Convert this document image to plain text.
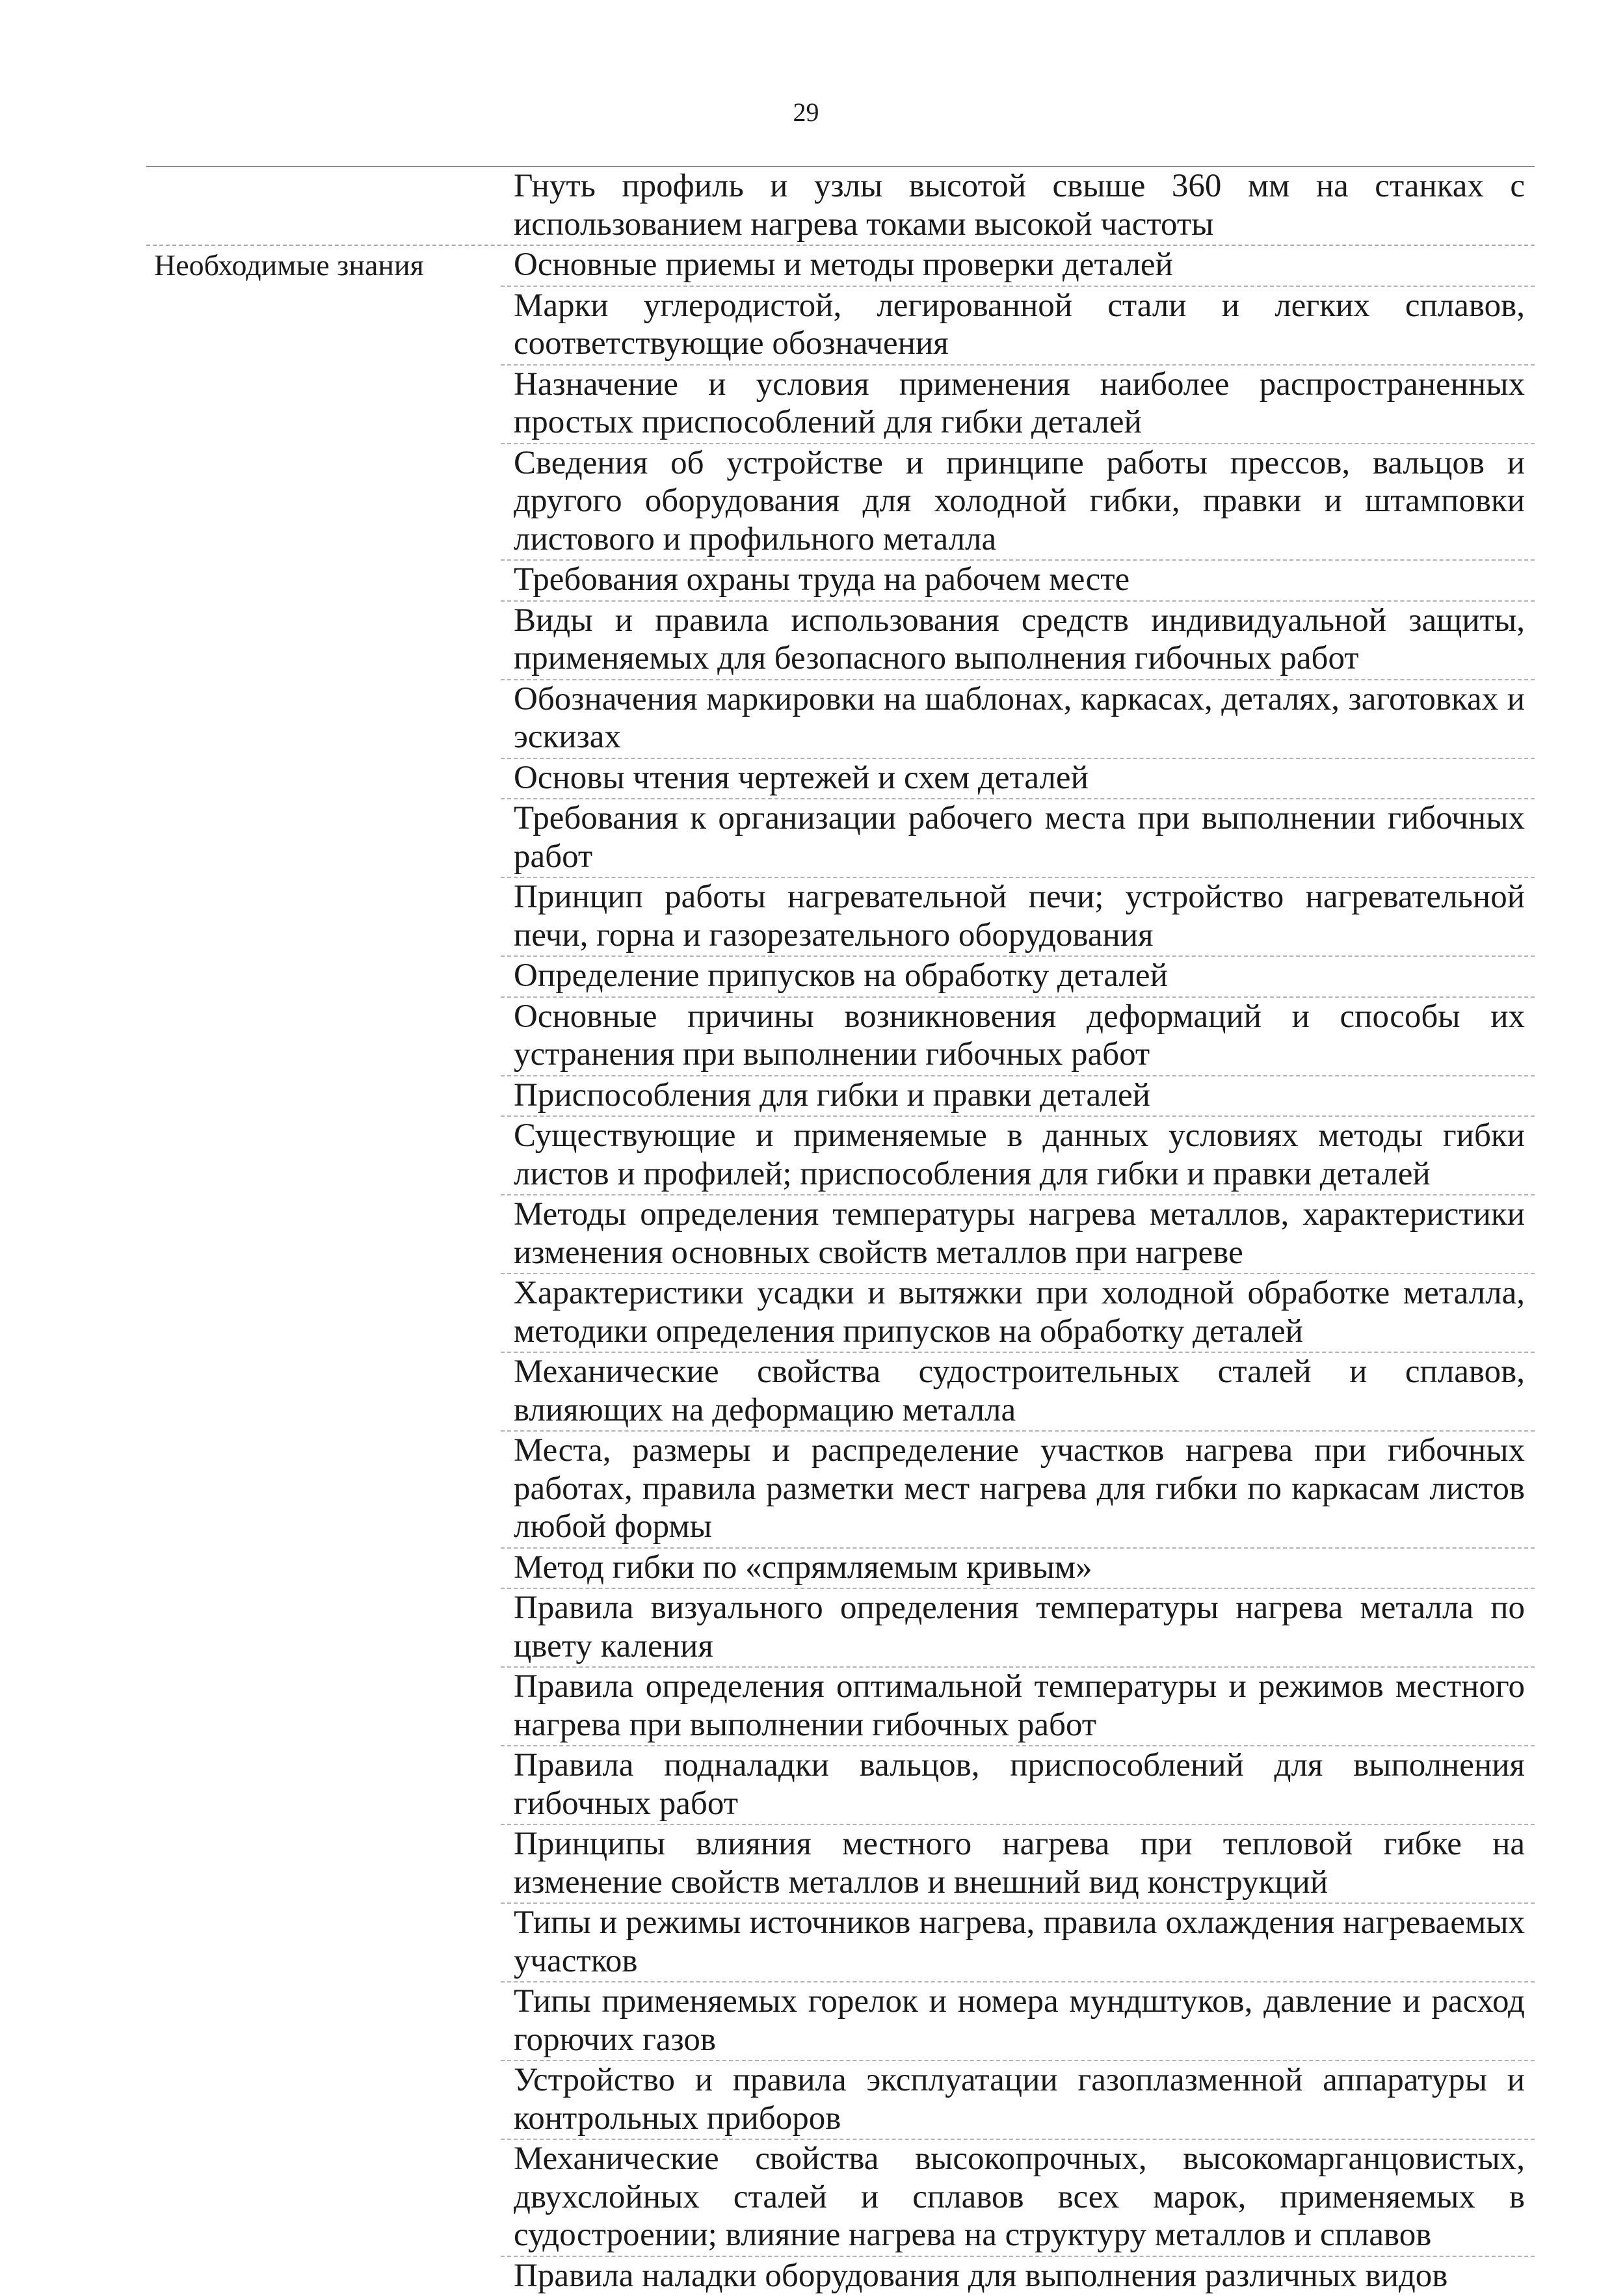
29
Гнуть профиль и узлы высотой свыше 360 мм на станках с использованием нагрева токами высокой частоты
Необходимые знания	Основные приемы и методы проверки деталей
Марки углеродистой, легированной стали и легких сплавов, соответствующие обозначения
Назначение и условия применения наиболее распространенных простых приспособлений для гибки деталей
Сведения об устройстве и принципе работы прессов, вальцов и другого оборудования для холодной гибки, правки и штамповки листового и профильного металла
Требования охраны труда на рабочем месте
Виды и правила использования средств индивидуальной защиты, применяемых для безопасного выполнения гибочных работ
Обозначения маркировки на шаблонах, каркасах, деталях, заготовках и эскизах
Основы чтения чертежей и схем деталей
Требования к организации рабочего места при выполнении гибочных работ
Принцип работы нагревательной печи; устройство нагревательной печи, горна и газорезательного оборудования
Определение припусков на обработку деталей
Основные причины возникновения деформаций и способы их устранения при выполнении гибочных работ
Приспособления для гибки и правки деталей
Существующие и применяемые в данных условиях методы гибки листов и профилей; приспособления для гибки и правки деталей
Методы определения температуры нагрева металлов, характеристики изменения основных свойств металлов при нагреве
Характеристики усадки и вытяжки при холодной обработке металла, методики определения припусков на обработку деталей
Механические свойства судостроительных сталей и сплавов, влияющих на деформацию металла
Места, размеры и распределение участков нагрева при гибочных работах, правила разметки мест нагрева для гибки по каркасам листов любой формы
Метод гибки по «спрямляемым кривым»
Правила визуального определения температуры нагрева металла по цвету каления
Правила определения оптимальной температуры и режимов местного нагрева при выполнении гибочных работ
Правила подналадки вальцов, приспособлений для выполнения гибочных работ
Принципы влияния местного нагрева при тепловой гибке на изменение свойств металлов и внешний вид конструкций
Типы и режимы источников нагрева, правила охлаждения нагреваемых участков
Типы применяемых горелок и номера мундштуков, давление и расход горючих газов
Устройство и правила эксплуатации газоплазменной аппаратуры и контрольных приборов
Механические свойства высокопрочных, высокомарганцовистых, двухслойных сталей и сплавов всех марок, применяемых в судостроении; влияние нагрева на структуру металлов и сплавов
Правила наладки оборудования для выполнения различных видов
